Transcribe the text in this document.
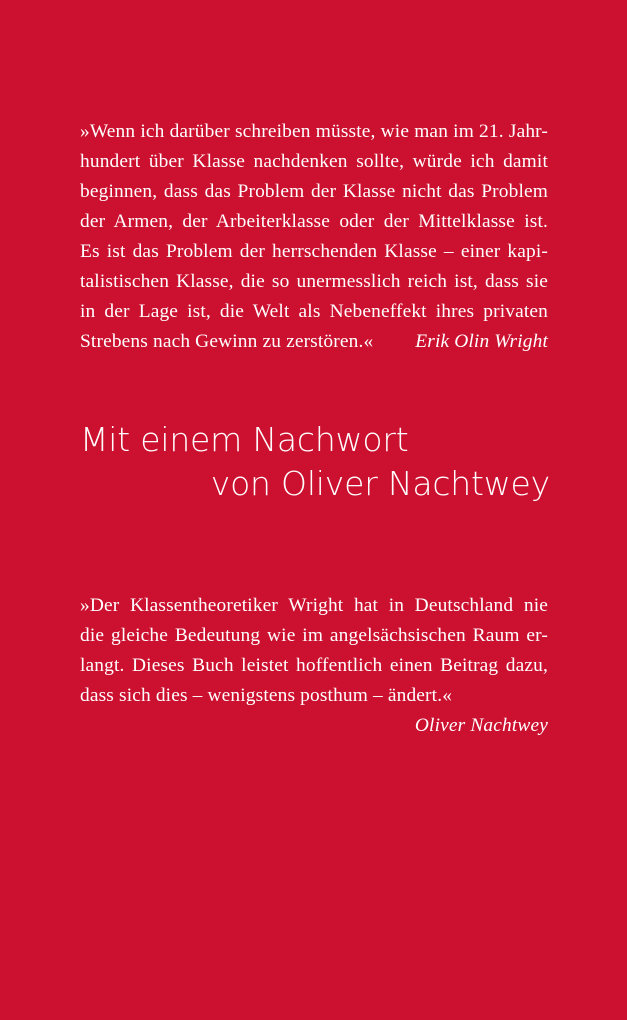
»Wenn ich darüber schreiben müsste, wie man im 21. Jahr-
hundert über Klasse nachdenken sollte, würde ich damit
beginnen, dass das Problem der Klasse nicht das Problem
der Armen, der Arbeiterklasse oder der Mittelklasse ist.
Es ist das Problem der herrschenden Klasse – einer kapi-
talistischen Klasse, die so unermesslich reich ist, dass sie
in der Lage ist, die Welt als Nebeneffekt ihres privaten
Strebens nach Gewinn zu zerstören.« Erik Olin Wright
Mit einem Nachwort
von Oliver Nachtwey
»Der Klassentheoretiker Wright hat in Deutschland nie
die gleiche Bedeutung wie im angelsächsischen Raum er-
langt. Dieses Buch leistet hoffentlich einen Beitrag dazu,
dass sich dies – wenigstens posthum – ändert.«
Oliver Nachtwey
